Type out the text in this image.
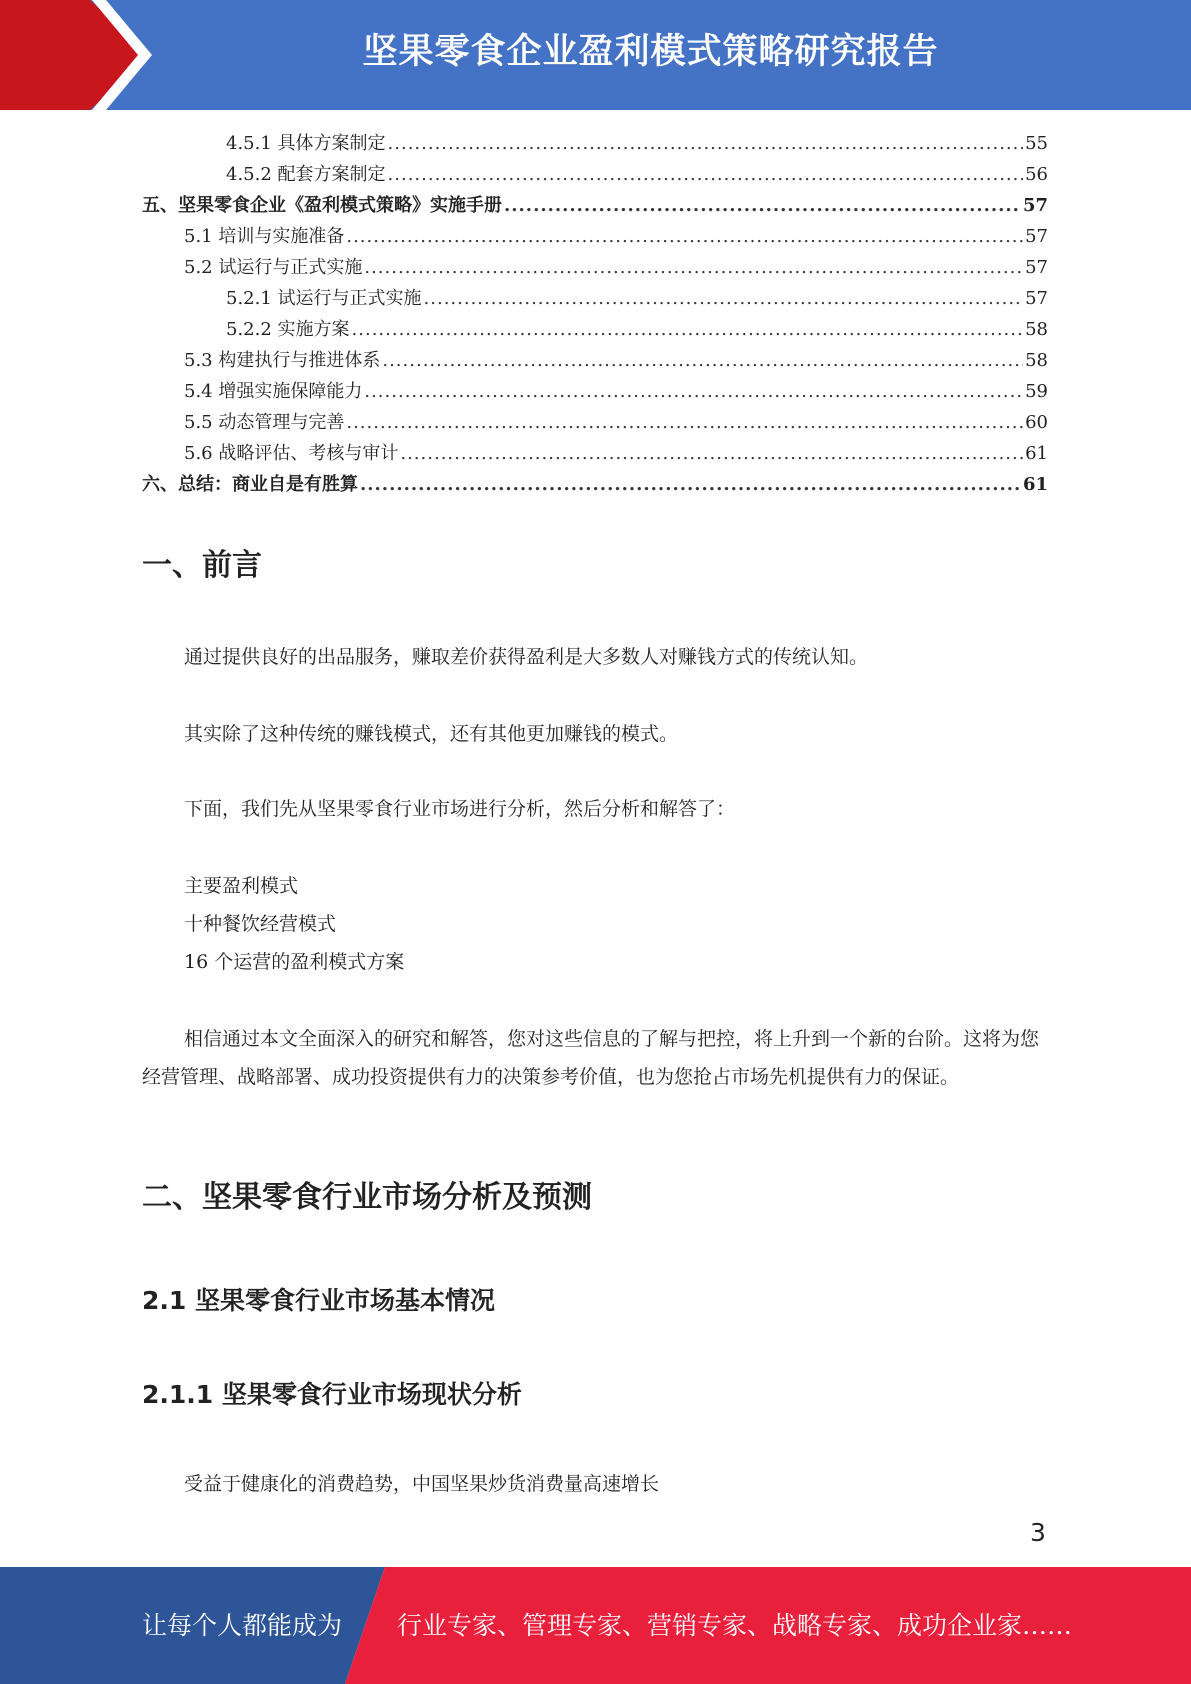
坚果零食企业盈利模式策略研究报告
4.5.1 具体方案制定 .....	55
4.5.2 配套方案制定 .....	56
五、坚果零食企业《盈利模式策略》实施手册 .....	57
5.1 培训与实施准备 .....	57
5.2 试运行与正式实施 .....	57
5.2.1 试运行与正式实施 .....	57
5.2.2 实施方案 .....	58
5.3 构建执行与推进体系 .....	58
5.4 增强实施保障能力 .....	59
5.5 动态管理与完善 .....	60
5.6 战略评估、考核与审计 .....	61
六、总结：商业自是有胜算 .....	61
一、前言

通过提供良好的出品服务，赚取差价获得盈利是大多数人对赚钱方式的传统认知。

其实除了这种传统的赚钱模式，还有其他更加赚钱的模式。

下面，我们先从坚果零食行业市场进行分析，然后分析和解答了：

主要盈利模式

十种餐饮经营模式

16 个运营的盈利模式方案

相信通过本文全面深入的研究和解答，您对这些信息的了解与把控，将上升到一个新的台阶。这将为您经营管理、战略部署、成功投资提供有力的决策参考价值，也为您抢占市场先机提供有力的保证。

二、坚果零食行业市场分析及预测
2.1 坚果零食行业市场基本情况
2.1.1 坚果零食行业市场现状分析

受益于健康化的消费趋势，中国坚果炒货消费量高速增长

3
让每个人都能成为 行业专家、管理专家、营销专家、战略专家、成功企业家……
